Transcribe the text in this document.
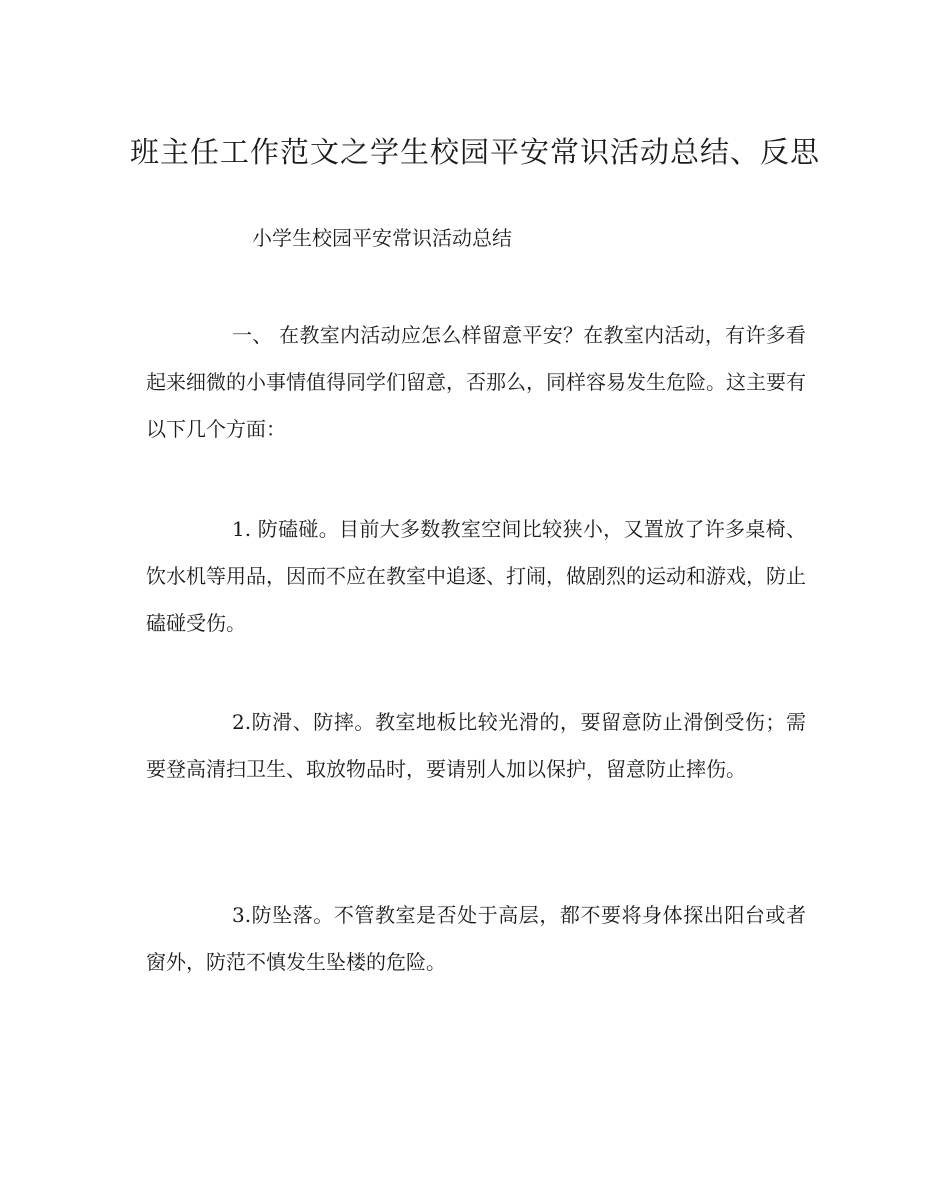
班主任工作范文之学生校园平安常识活动总结、反思
小学生校园平安常识活动总结

一、 在教室内活动应怎么样留意平安？在教室内活动，有许多看起来细微的小事情值得同学们留意，否那么，同样容易发生危险。这主要有以下几个方面：

1. 防磕碰。目前大多数教室空间比较狭小，又置放了许多桌椅、饮水机等用品，因而不应在教室中追逐、打闹，做剧烈的运动和游戏，防止磕碰受伤。

2.防滑、防摔。教室地板比较光滑的，要留意防止滑倒受伤；需要登高清扫卫生、取放物品时，要请别人加以保护，留意防止摔伤。

3.防坠落。不管教室是否处于高层，都不要将身体探出阳台或者窗外，防范不慎发生坠楼的危险。
